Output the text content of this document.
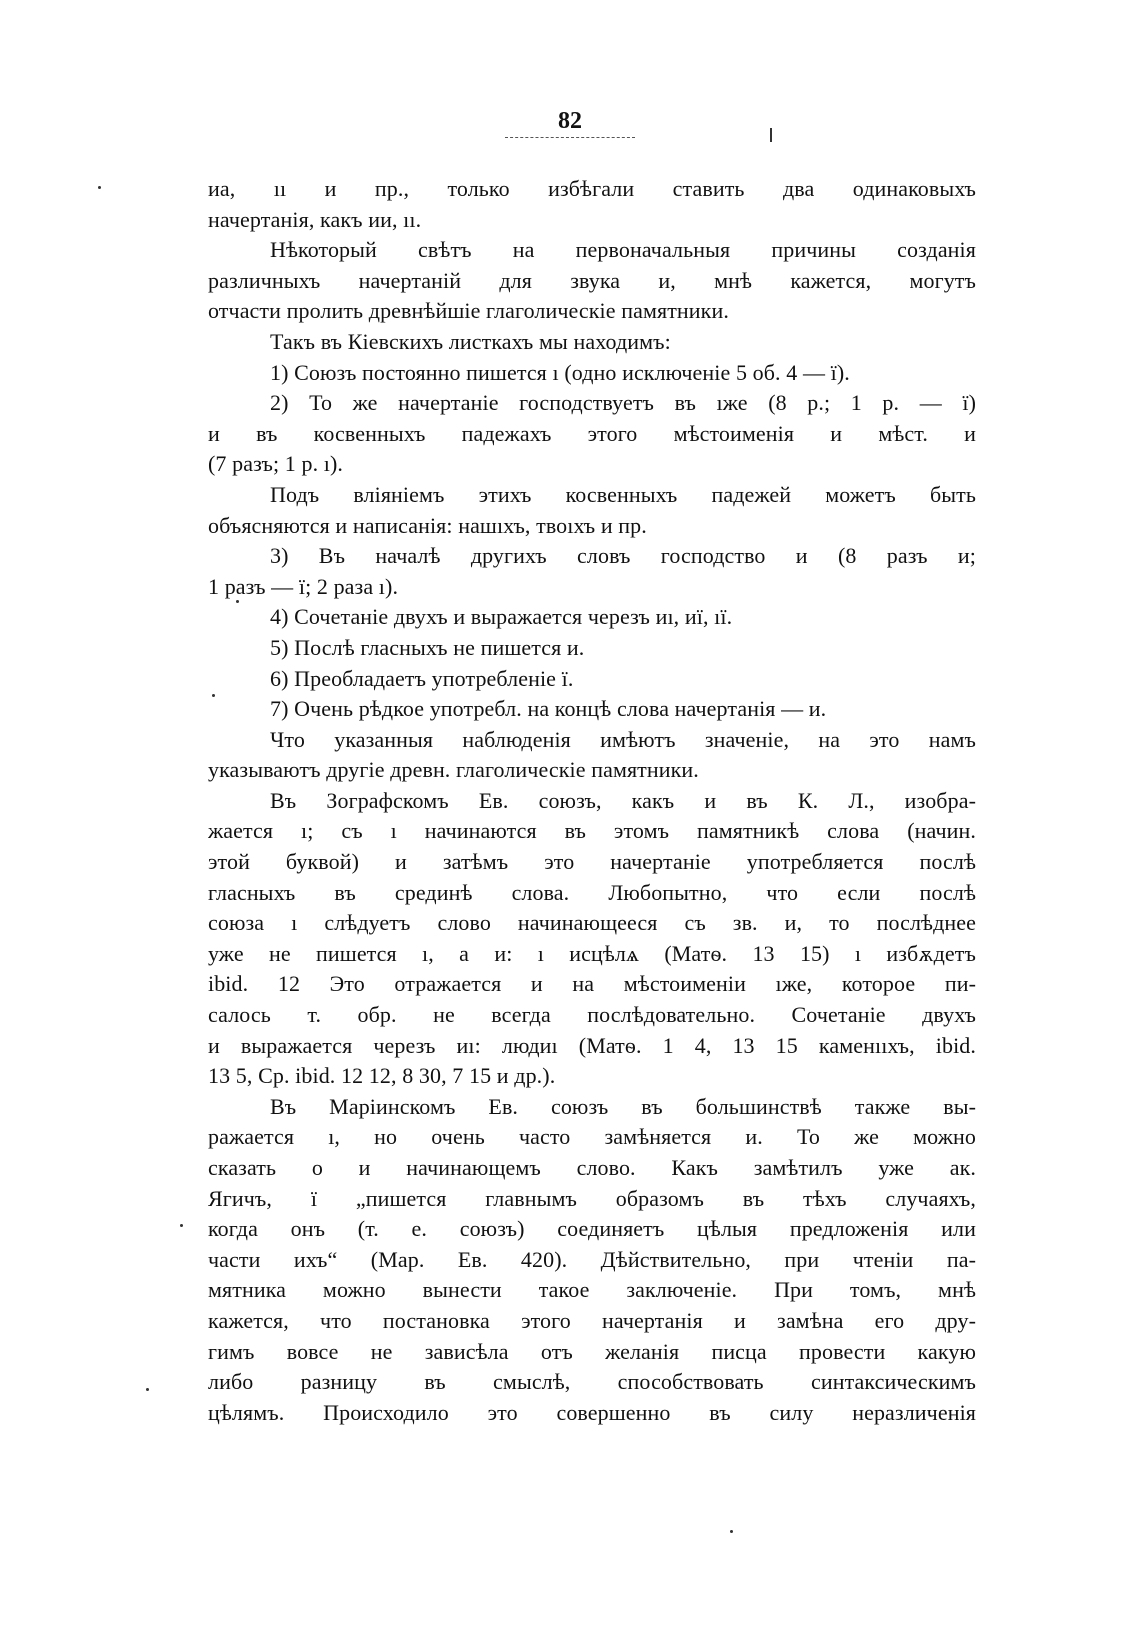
82
иа, ıı и пр., только избѣгали ставить два одинаковыхъ
начертанія, какъ ии, ıı.
Нѣкоторый свѣтъ на первоначальныя причины созданія
различныхъ начертаній для звука и, мнѣ кажется, могутъ
отчасти пролить древнѣйшіе глаголическіе памятники.
Такъ въ Кіевскихъ листкахъ мы находимъ:
1) Союзъ постоянно пишется ı (одно исключеніе 5 об. 4 — ї).
2) То же начертаніе господствуетъ въ ıже (8 р.; 1 р. — ї)
и въ косвенныхъ падежахъ этого мѣстоименія и мѣст. и
(7 разъ; 1 р. ı).
Подъ вліяніемъ этихъ косвенныхъ падежей можетъ быть
объясняются и написанія: нашıхъ, твоıхъ и пр.
3) Въ началѣ другихъ словъ господство и (8 разъ и;
1 разъ — ї; 2 раза ı).
4) Сочетаніе двухъ и выражается черезъ иı, иї, ıї.
5) Послѣ гласныхъ не пишется и.
6) Преобладаетъ употребленіе ї.
7) Очень рѣдкое употребл. на концѣ слова начертанія — и.
Что указанныя наблюденія имѣютъ значеніе, на это намъ
указываютъ другіе древн. глаголическіе памятники.
Въ Зографскомъ Ев. союзъ, какъ и въ К. Л., изобра-
жается ı; съ ı начинаются въ этомъ памятникѣ слова (начин.
этой буквой) и затѣмъ это начертаніе употребляется послѣ
гласныхъ въ срединѣ слова. Любопытно, что если послѣ
союза ı слѣдуетъ слово начинающееся съ зв. и, то послѣднее
уже не пишется ı, а и: ı исцѣлѧ (Матѳ. 13 15) ı избѫдетъ
ibid. 12 Это отражается и на мѣстоименіи ıже, которое пи-
салось т. обр. не всегда послѣдовательно. Сочетаніе двухъ
и выражается черезъ иı: людиı (Матѳ. 1 4, 13 15 каменııхъ, ibid.
13 5, Ср. ibid. 12 12, 8 30, 7 15 и др.).
Въ Маріинскомъ Ев. союзъ въ большинствѣ также вы-
ражается ı, но очень часто замѣняется и. То же можно
сказать о и начинающемъ слово. Какъ замѣтилъ уже ак.
Ягичъ, ї „пишется главнымъ образомъ въ тѣхъ случаяхъ,
когда онъ (т. е. союзъ) соединяетъ цѣлыя предложенія или
части ихъ“ (Мар. Ев. 420). Дѣйствительно, при чтеніи па-
мятника можно вынести такое заключеніе. При томъ, мнѣ
кажется, что постановка этого начертанія и замѣна его дру-
гимъ вовсе не зависѣла отъ желанія писца провести какую
либо разницу въ смыслѣ, способствовать синтаксическимъ
цѣлямъ. Происходило это совершенно въ силу неразличенія
